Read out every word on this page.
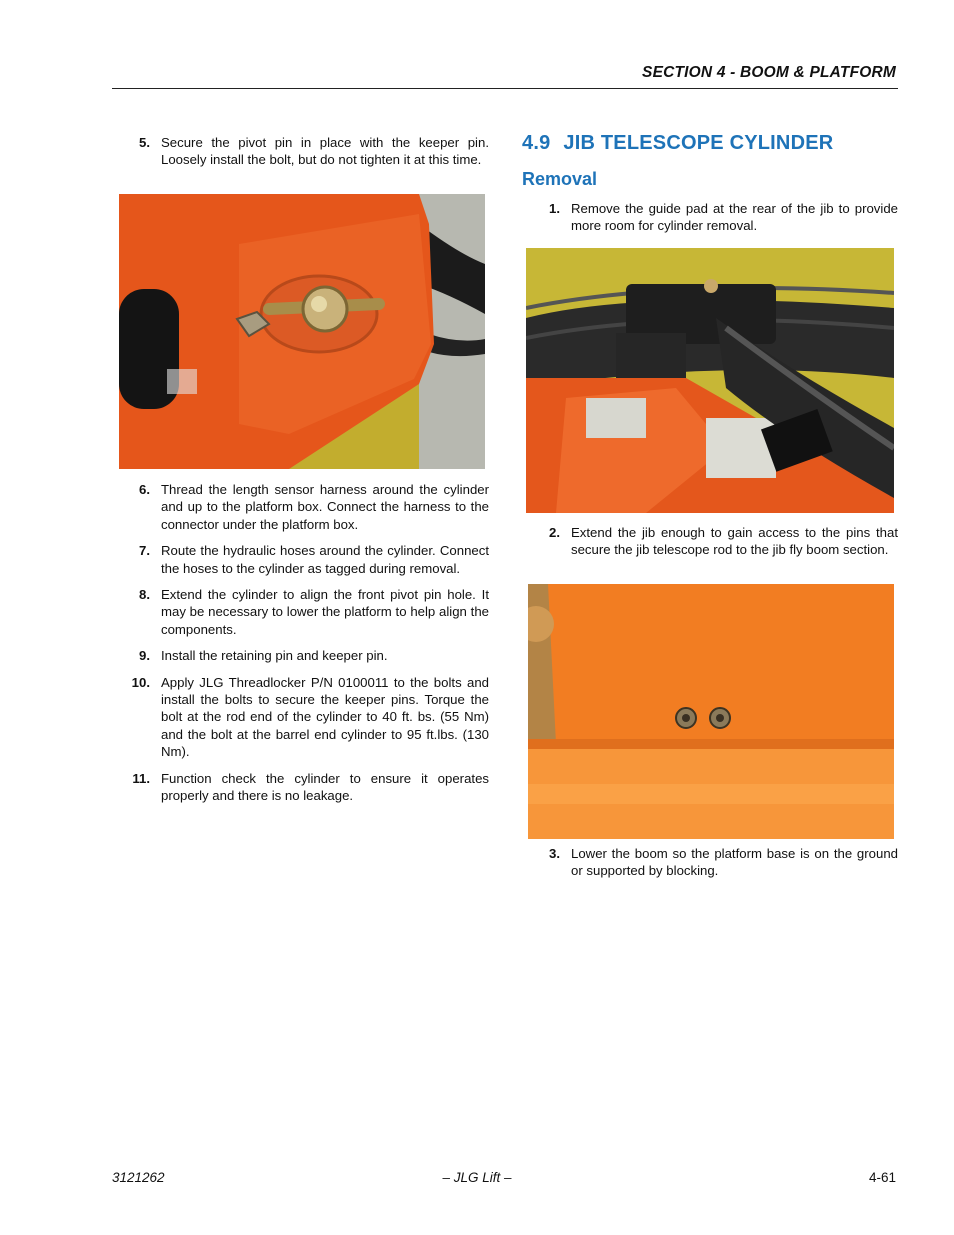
SECTION 4 - BOOM & PLATFORM
5. Secure the pivot pin in place with the keeper pin. Loosely install the bolt, but do not tighten it at this time.
6. Thread the length sensor harness around the cylinder and up to the platform box. Connect the harness to the connector under the platform box.
7. Route the hydraulic hoses around the cylinder. Connect the hoses to the cylinder as tagged during removal.
8. Extend the cylinder to align the front pivot pin hole. It may be necessary to lower the platform to help align the components.
9. Install the retaining pin and keeper pin.
10. Apply JLG Threadlocker P/N 0100011 to the bolts and install the bolts to secure the keeper pins. Torque the bolt at the rod end of the cylinder to 40 ft. bs. (55 Nm) and the bolt at the barrel end cylinder to 95 ft.lbs. (130 Nm).
11. Function check the cylinder to ensure it operates properly and there is no leakage.
4.9 JIB TELESCOPE CYLINDER
Removal
1. Remove the guide pad at the rear of the jib to provide more room for cylinder removal.
2. Extend the jib enough to gain access to the pins that secure the jib telescope rod to the jib fly boom section.
3. Lower the boom so the platform base is on the ground or supported by blocking.
3121262	– JLG Lift –	4-61
